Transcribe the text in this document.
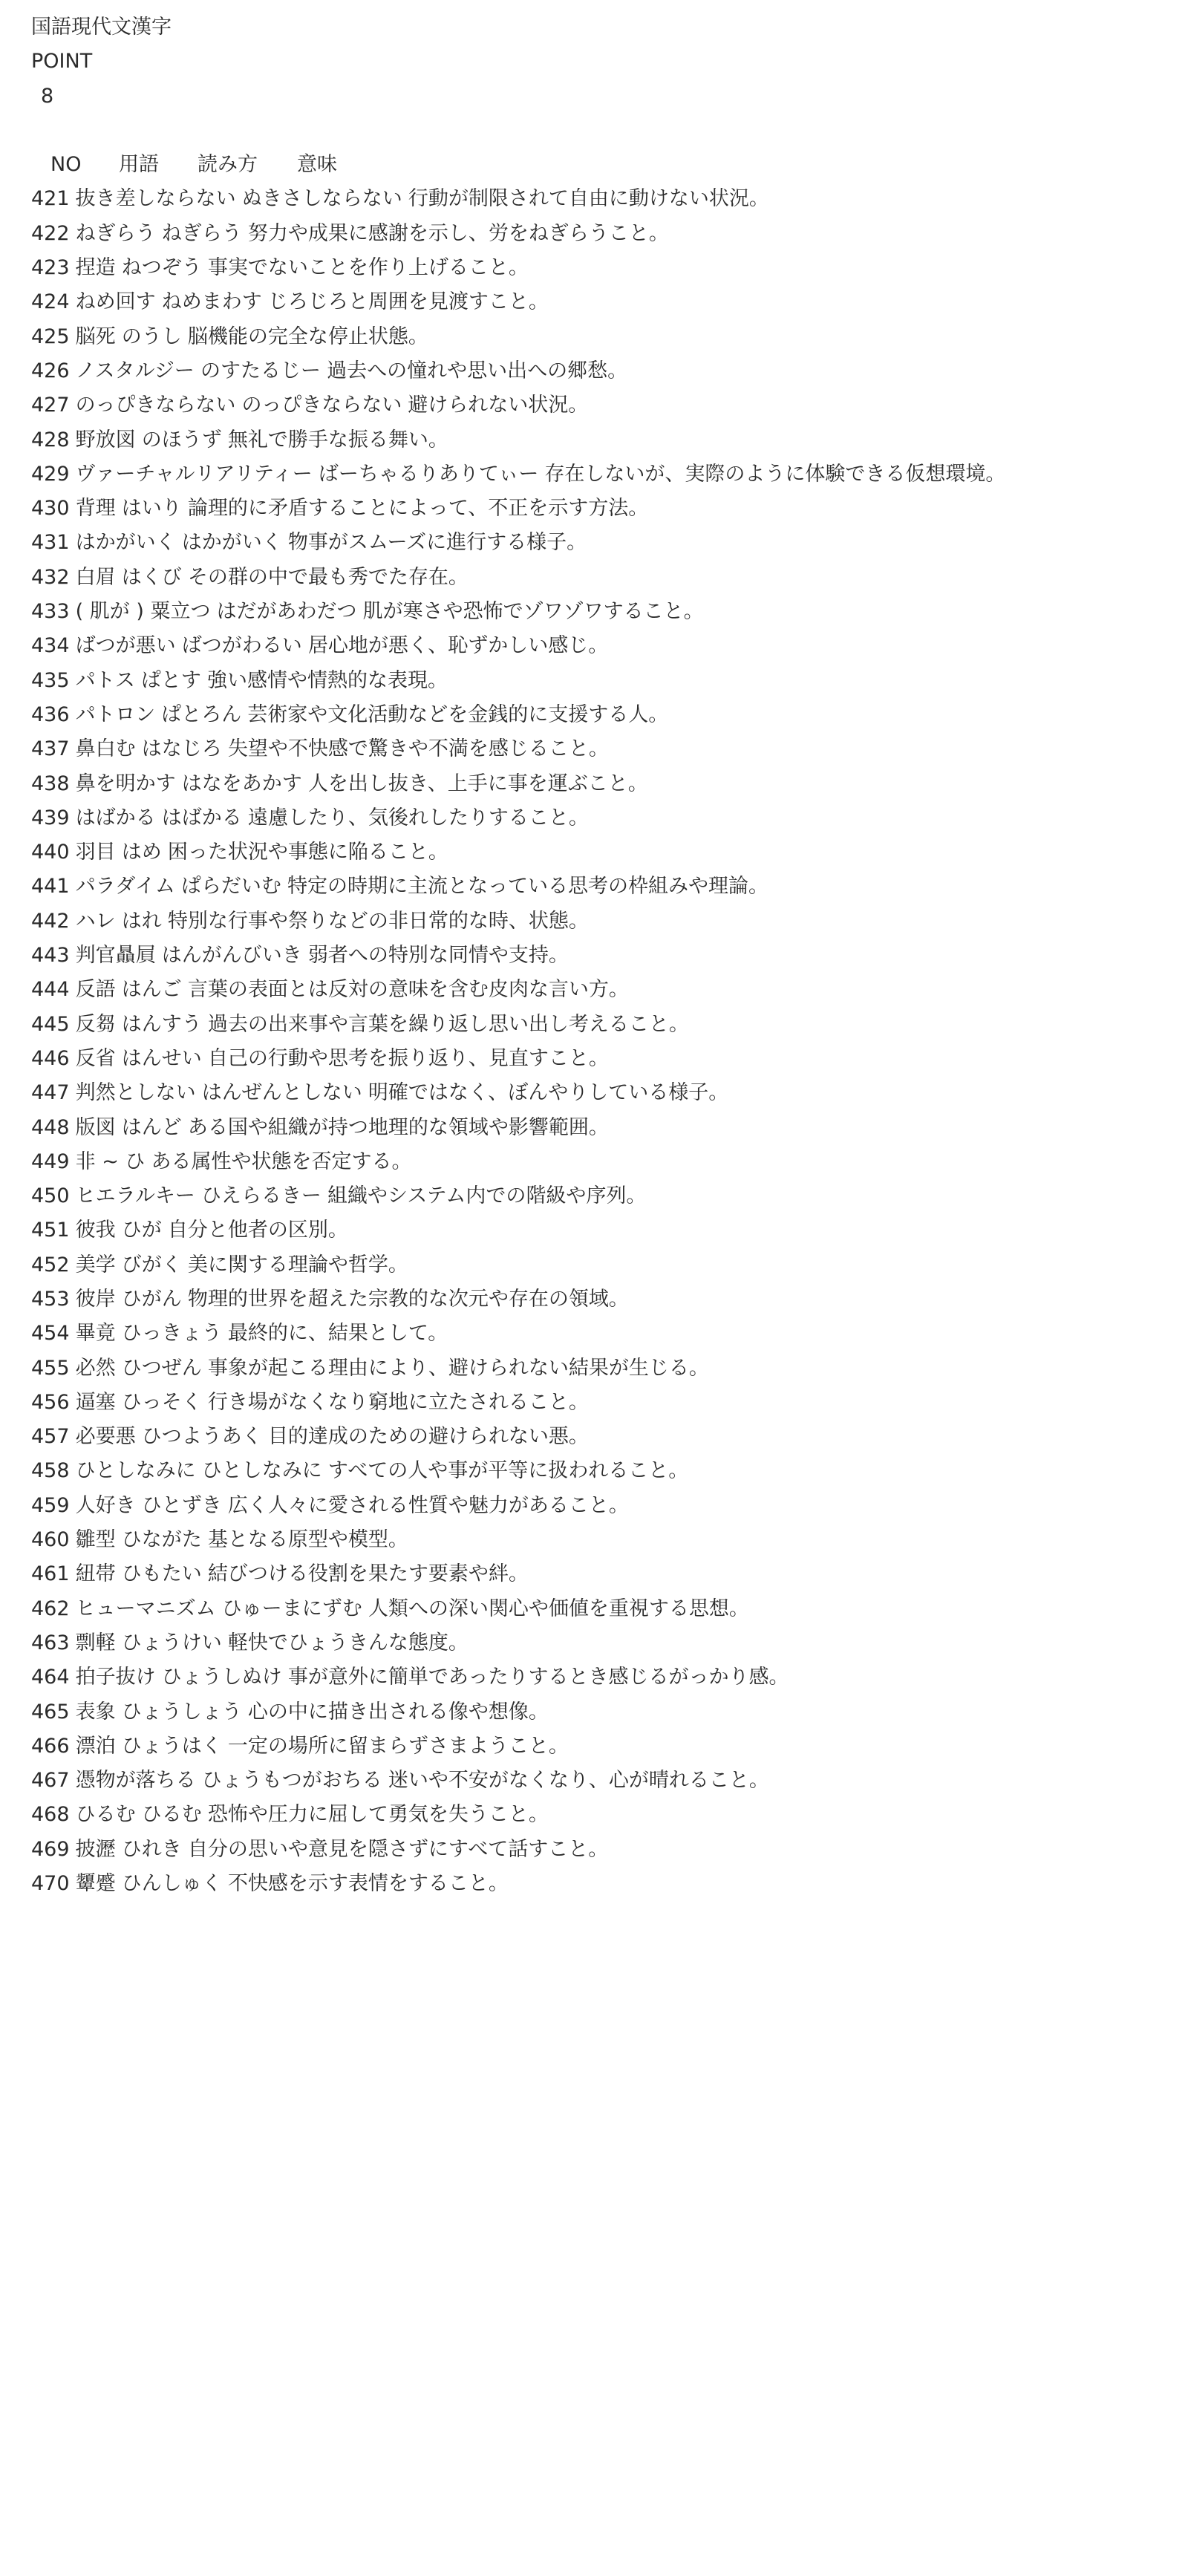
国語現代文漢字
POINT
8
NO 用語 読み方 意味
421 抜き差しならない ぬきさしならない 行動が制限されて自由に動けない状況。
422 ねぎらう ねぎらう 努力や成果に感謝を示し、労をねぎらうこと。
423 捏造 ねつぞう 事実でないことを作り上げること。
424 ねめ回す ねめまわす じろじろと周囲を見渡すこと。
425 脳死 のうし 脳機能の完全な停止状態。
426 ノスタルジー のすたるじー 過去への憧れや思い出への郷愁。
427 のっぴきならない のっぴきならない 避けられない状況。
428 野放図 のほうず 無礼で勝手な振る舞い。
429 ヴァーチャルリアリティー ばーちゃるりありてぃー 存在しないが、実際のように体験できる仮想環境。
430 背理 はいり 論理的に矛盾することによって、不正を示す方法。
431 はかがいく はかがいく 物事がスムーズに進行する様子。
432 白眉 はくび その群の中で最も秀でた存在。
433 ( 肌が ) 粟立つ はだがあわだつ 肌が寒さや恐怖でゾワゾワすること。
434 ばつが悪い ばつがわるい 居心地が悪く、恥ずかしい感じ。
435 パトス ぱとす 強い感情や情熱的な表現。
436 パトロン ぱとろん 芸術家や文化活動などを金銭的に支援する人。
437 鼻白む はなじろ 失望や不快感で驚きや不満を感じること。
438 鼻を明かす はなをあかす 人を出し抜き、上手に事を運ぶこと。
439 はばかる はばかる 遠慮したり、気後れしたりすること。
440 羽目 はめ 困った状況や事態に陥ること。
441 パラダイム ぱらだいむ 特定の時期に主流となっている思考の枠組みや理論。
442 ハレ はれ 特別な行事や祭りなどの非日常的な時、状態。
443 判官贔屓 はんがんびいき 弱者への特別な同情や支持。
444 反語 はんご 言葉の表面とは反対の意味を含む皮肉な言い方。
445 反芻 はんすう 過去の出来事や言葉を繰り返し思い出し考えること。
446 反省 はんせい 自己の行動や思考を振り返り、見直すこと。
447 判然としない はんぜんとしない 明確ではなく、ぼんやりしている様子。
448 版図 はんど ある国や組織が持つ地理的な領域や影響範囲。
449 非 ~ ひ ある属性や状態を否定する。
450 ヒエラルキー ひえらるきー 組織やシステム内での階級や序列。
451 彼我 ひが 自分と他者の区別。
452 美学 びがく 美に関する理論や哲学。
453 彼岸 ひがん 物理的世界を超えた宗教的な次元や存在の領域。
454 畢竟 ひっきょう 最終的に、結果として。
455 必然 ひつぜん 事象が起こる理由により、避けられない結果が生じる。
456 逼塞 ひっそく 行き場がなくなり窮地に立たされること。
457 必要悪 ひつようあく 目的達成のための避けられない悪。
458 ひとしなみに ひとしなみに すべての人や事が平等に扱われること。
459 人好き ひとずき 広く人々に愛される性質や魅力があること。
460 雛型 ひながた 基となる原型や模型。
461 紐帯 ひもたい 結びつける役割を果たす要素や絆。
462 ヒューマニズム ひゅーまにずむ 人類への深い関心や価値を重視する思想。
463 剽軽 ひょうけい 軽快でひょうきんな態度。
464 拍子抜け ひょうしぬけ 事が意外に簡単であったりするとき感じるがっかり感。
465 表象 ひょうしょう 心の中に描き出される像や想像。
466 漂泊 ひょうはく 一定の場所に留まらずさまようこと。
467 憑物が落ちる ひょうもつがおちる 迷いや不安がなくなり、心が晴れること。
468 ひるむ ひるむ 恐怖や圧力に屈して勇気を失うこと。
469 披瀝 ひれき 自分の思いや意見を隠さずにすべて話すこと。
470 顰蹙 ひんしゅく 不快感を示す表情をすること。
